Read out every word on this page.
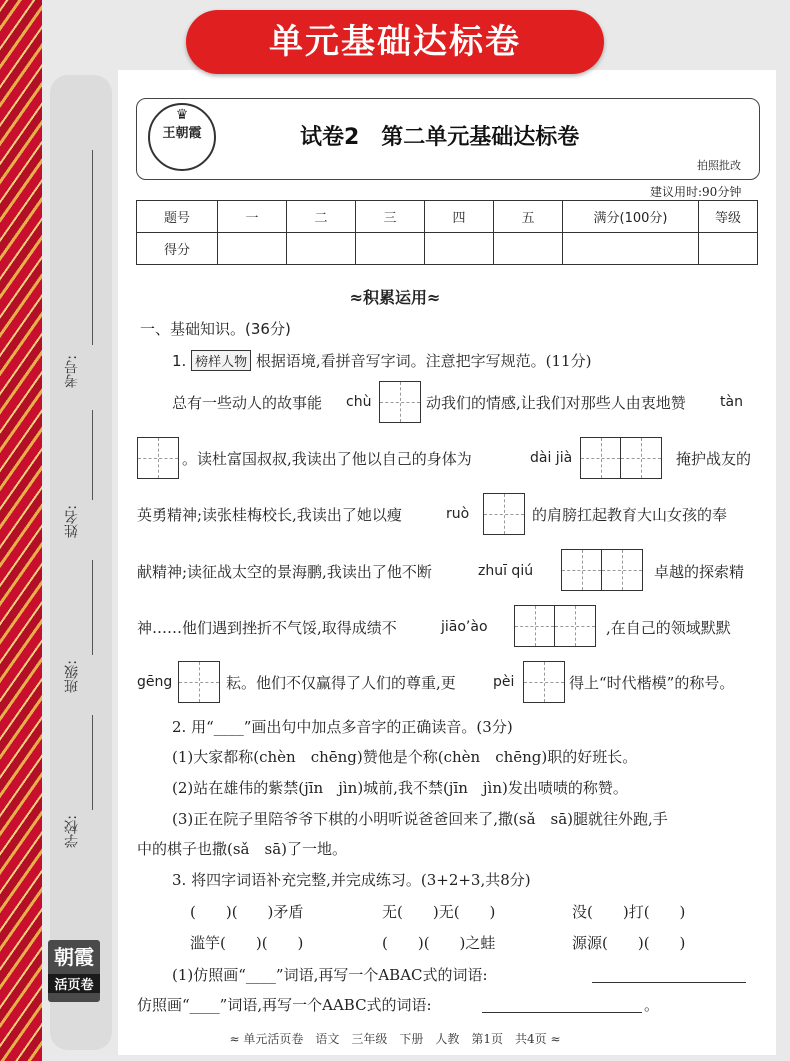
考号:
姓名:
班级:
学校:
朝霞
活页卷
单元基础达标卷
♛
王朝霞
	试卷2　第二单元基础达标卷
拍照批改
建议用时:90分钟
题号	一	二	三	四	五	满分(100分)	等级
得分							
≈积累运用≈
一、基础知识。(36分)
1. 榜样人物 根据语境,看拼音写字词。注意把字写规范。(11分)
总有一些动人的故事能 chù	动我们的情感,让我们对那些人由衷地赞 tàn
。读杜富国叔叔,我读出了他以自己的身体为	dài jià	掩护战友的
英勇精神;读张桂梅校长,我读出了她以瘦	ruò	的肩膀扛起教育大山女孩的奉
献精神;读征战太空的景海鹏,我读出了他不断	zhuī qiú	卓越的探索精
神……他们遇到挫折不气馁,取得成绩不	jiāo’ào	,在自己的领域默默
gēng	耘。他们不仅赢得了人们的尊重,更	pèi	得上“时代楷模”的称号。
2. 用“____”画出句中加点多音字的正确读音。(3分)
(1)大家都称(chèn　chēng)赞他是个称(chèn　chēng)职的好班长。
(2)站在雄伟的紫禁(jīn　jìn)城前,我不禁(jīn　jìn)发出啧啧的称赞。
(3)正在院子里陪爷爷下棋的小明听说爸爸回来了,撒(sǎ　sā)腿就往外跑,手
中的棋子也撒(sǎ　sā)了一地。
3. 将四字词语补充完整,并完成练习。(3+2+3,共8分)
(　　)(　　)矛盾	无(　　)无(　　)	没(　　)打(　　)
滥竽(　　)(　　)	(　　)(　　)之蛙	源源(　　)(　　)
(1)仿照画“____”词语,再写一个ABAC式的词语:
仿照画“____”词语,再写一个AABC式的词语:	。
≈ 单元活页卷　语文　三年级　下册　人教　第1页　共4页 ≈
